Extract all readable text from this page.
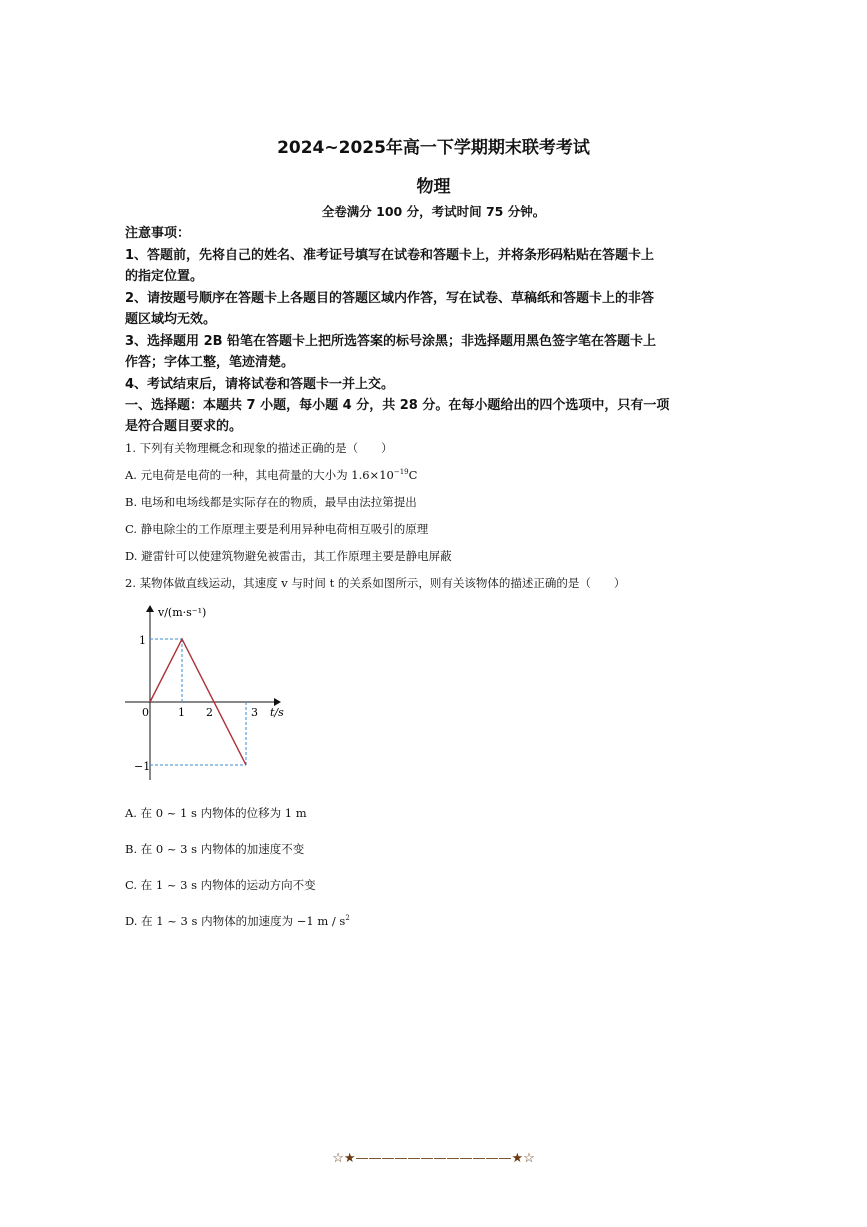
2024~2025年高一下学期期末联考考试
物理
全卷满分 100 分，考试时间 75 分钟。
注意事项：
1、答题前，先将自己的姓名、准考证号填写在试卷和答题卡上，并将条形码粘贴在答题卡上
的指定位置。
2、请按题号顺序在答题卡上各题目的答题区域内作答，写在试卷、草稿纸和答题卡上的非答
题区域均无效。
3、选择题用 2B 铅笔在答题卡上把所选答案的标号涂黑；非选择题用黑色签字笔在答题卡上
作答；字体工整，笔迹清楚。
4、考试结束后，请将试卷和答题卡一并上交。
一、选择题：本题共 7 小题，每小题 4 分，共 28 分。在每小题给出的四个选项中，只有一项
是符合题目要求的。
1. 下列有关物理概念和现象的描述正确的是（　　）
A. 元电荷是电荷的一种，其电荷量的大小为 $1.6\times 10^{-19}C$
B. 电场和电场线都是实际存在的物质，最早由法拉第提出
C. 静电除尘的工作原理主要是利用异种电荷相互吸引的原理
D. 避雷针可以使建筑物避免被雷击，其工作原理主要是静电屏蔽
2. 某物体做直线运动，其速度 v 与时间 t 的关系如图所示，则有关该物体的描述正确的是（　　）
v/(m·s⁻¹)
t/s
0	1 2	3
1
−1
A. 在 0 ~ 1 s 内物体的位移为 1 m
B. 在 0 ~ 3 s 内物体的加速度不变
C. 在 1 ~ 3 s 内物体的运动方向不变
D. 在 1 ~ 3 s 内物体的加速度为 −1 m / $s^2$
☆★————————————★☆
